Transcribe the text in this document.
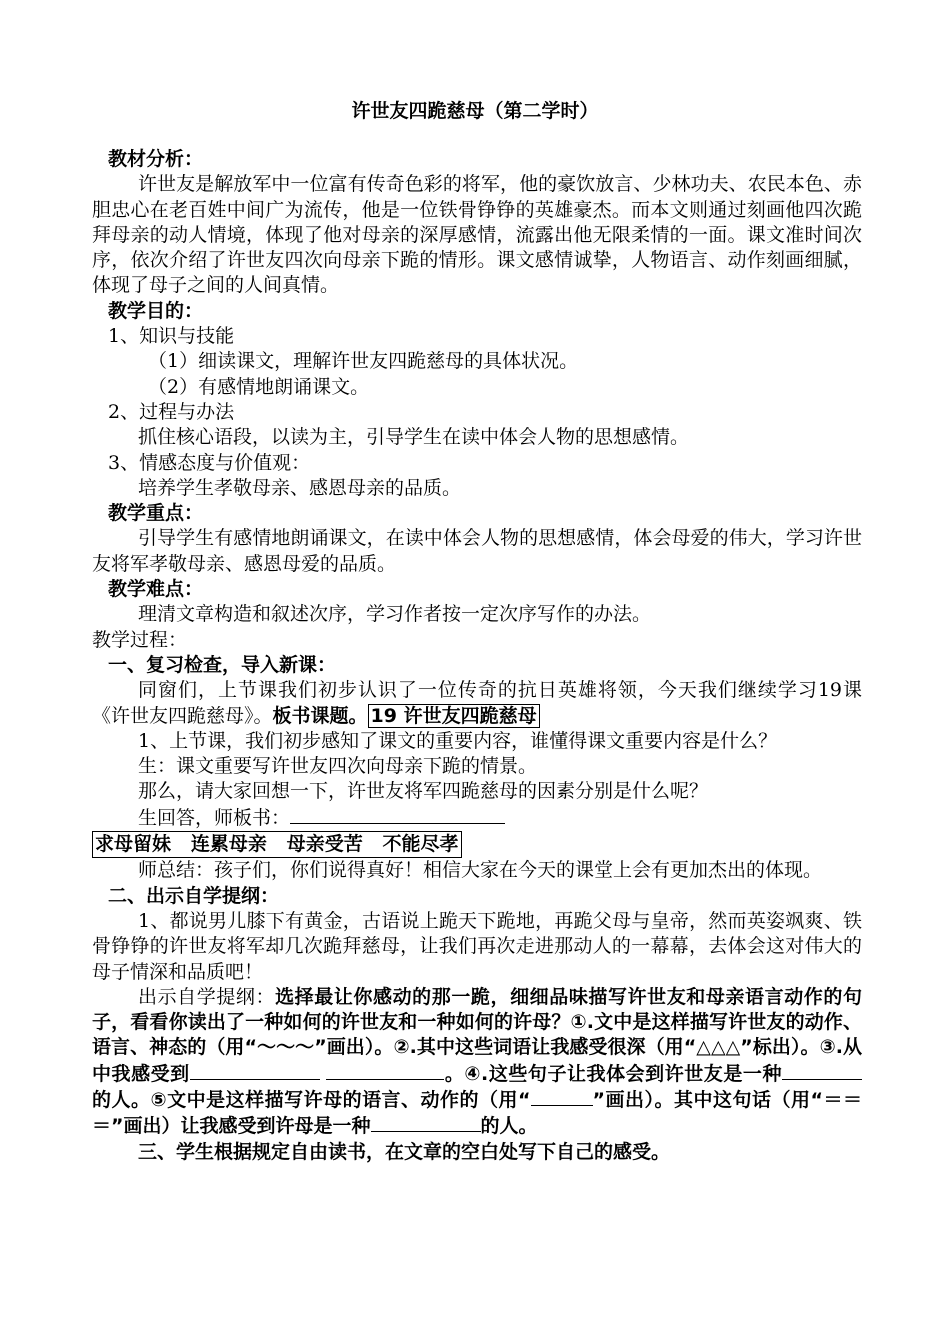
许世友四跪慈母（第二学时）
教材分析：
许世友是解放军中一位富有传奇色彩的将军，他的豪饮放言、少林功夫、农民本色、赤胆忠心在老百姓中间广为流传，他是一位铁骨铮铮的英雄豪杰。而本文则通过刻画他四次跪拜母亲的动人情境，体现了他对母亲的深厚感情，流露出他无限柔情的一面。课文准时间次序，依次介绍了许世友四次向母亲下跪的情形。课文感情诚挚，人物语言、动作刻画细腻，体现了母子之间的人间真情。
教学目的：
1、知识与技能
（1）细读课文，理解许世友四跪慈母的具体状况。
（2）有感情地朗诵课文。
2、过程与办法
抓住核心语段，以读为主，引导学生在读中体会人物的思想感情。
3、情感态度与价值观：
培养学生孝敬母亲、感恩母亲的品质。
教学重点：
引导学生有感情地朗诵课文，在读中体会人物的思想感情，体会母爱的伟大，学习许世友将军孝敬母亲、感恩母爱的品质。
教学难点：
理清文章构造和叙述次序，学习作者按一定次序写作的办法。
教学过程：
一、复习检查，导入新课：
同窗们，上节课我们初步认识了一位传奇的抗日英雄将领，今天我们继续学习19课《许世友四跪慈母》。板书课题。 19 许世友四跪慈母
1、上节课，我们初步感知了课文的重要内容，谁懂得课文重要内容是什么？
生：课文重要写许世友四次向母亲下跪的情景。
那么，请大家回想一下，许世友将军四跪慈母的因素分别是什么呢？
生回答，师板书：
求母留妹   连累母亲   母亲受苦   不能尽孝
师总结：孩子们，你们说得真好！相信大家在今天的课堂上会有更加杰出的体现。
二、出示自学提纲：
1、都说男儿膝下有黄金，古语说上跪天下跪地，再跪父母与皇帝，然而英姿飒爽、铁骨铮铮的许世友将军却几次跪拜慈母，让我们再次走进那动人的一幕幕，去体会这对伟大的母子情深和品质吧！
出示自学提纲：选择最让你感动的那一跪，细细品味描写许世友和母亲语言动作的句子，看看你读出了一种如何的许世友和一种如何的许母？①.文中是这样描写许世友的动作、语言、神态的（用“～～～”画出）。②.其中这些词语让我感受很深（用“△△△”标出）。③.从中我感受到	。④.这些句子让我体会到许世友是一种的人。⑤文中是这样描写许母的语言、动作的（用“	”画出）。其中这句话（用“＝＝＝”画出）让我感受到许母是一种	的人。
三、学生根据规定自由读书，在文章的空白处写下自己的感受。
